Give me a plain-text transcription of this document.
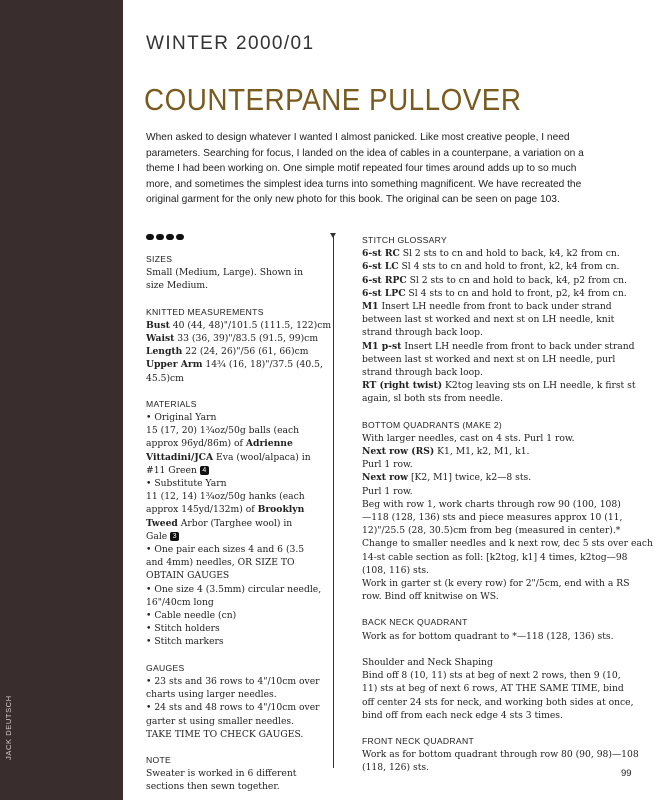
JACK DEUTSCH
WINTER 2000/01
COUNTERPANE PULLOVER
When asked to design whatever I wanted I almost panicked. Like most creative people, I need
parameters. Searching for focus, I landed on the idea of cables in a counterpane, a variation on a
theme I had been working on. One simple motif repeated four times around adds up to so much
more, and sometimes the simplest idea turns into something magnificent. We have recreated the
original garment for the only new photo for this book. The original can be seen on page 103.
SIZES
Small (Medium, Large). Shown in
size Medium.
KNITTED MEASUREMENTS
Bust 40 (44, 48)"/101.5 (111.5, 122)cm
Waist 33 (36, 39)"/83.5 (91.5, 99)cm
Length 22 (24, 26)"/56 (61, 66)cm
Upper Arm 14¾ (16, 18)"/37.5 (40.5,
45.5)cm
MATERIALS
• Original Yarn
15 (17, 20) 1¾oz/50g balls (each
approx 96yd/86m) of Adrienne
Vittadini/JCA Eva (wool/alpaca) in
#11 Green 4
• Substitute Yarn
11 (12, 14) 1¾oz/50g hanks (each
approx 145yd/132m) of Brooklyn
Tweed Arbor (Targhee wool) in
Gale 3
• One pair each sizes 4 and 6 (3.5
and 4mm) needles, OR SIZE TO
OBTAIN GAUGES
• One size 4 (3.5mm) circular needle,
16"/40cm long
• Cable needle (cn)
• Stitch holders
• Stitch markers
GAUGES
• 23 sts and 36 rows to 4"/10cm over
charts using larger needles.
• 24 sts and 48 rows to 4"/10cm over
garter st using smaller needles.
TAKE TIME TO CHECK GAUGES.
NOTE
Sweater is worked in 6 different
sections then sewn together.
STITCH GLOSSARY
6-st RC Sl 2 sts to cn and hold to back, k4, k2 from cn.
6-st LC Sl 4 sts to cn and hold to front, k2, k4 from cn.
6-st RPC Sl 2 sts to cn and hold to back, k4, p2 from cn.
6-st LPC Sl 4 sts to cn and hold to front, p2, k4 from cn.
M1 Insert LH needle from front to back under strand
between last st worked and next st on LH needle, knit
strand through back loop.
M1 p-st Insert LH needle from front to back under strand
between last st worked and next st on LH needle, purl
strand through back loop.
RT (right twist) K2tog leaving sts on LH needle, k first st
again, sl both sts from needle.
BOTTOM QUADRANTS (MAKE 2)
With larger needles, cast on 4 sts. Purl 1 row.
Next row (RS) K1, M1, k2, M1, k1.
Purl 1 row.
Next row [K2, M1] twice, k2—8 sts.
Purl 1 row.
Beg with row 1, work charts through row 90 (100, 108)
—118 (128, 136) sts and piece measures approx 10 (11,
12)"/25.5 (28, 30.5)cm from beg (measured in center).*
Change to smaller needles and k next row, dec 5 sts over each
14-st cable section as foll: [k2tog, k1] 4 times, k2tog—98
(108, 116) sts.
Work in garter st (k every row) for 2"/5cm, end with a RS
row. Bind off knitwise on WS.
BACK NECK QUADRANT
Work as for bottom quadrant to *—118 (128, 136) sts.
Shoulder and Neck Shaping
Bind off 8 (10, 11) sts at beg of next 2 rows, then 9 (10,
11) sts at beg of next 6 rows, AT THE SAME TIME, bind
off center 24 sts for neck, and working both sides at once,
bind off from each neck edge 4 sts 3 times.
FRONT NECK QUADRANT
Work as for bottom quadrant through row 80 (90, 98)—108
(118, 126) sts.
99
